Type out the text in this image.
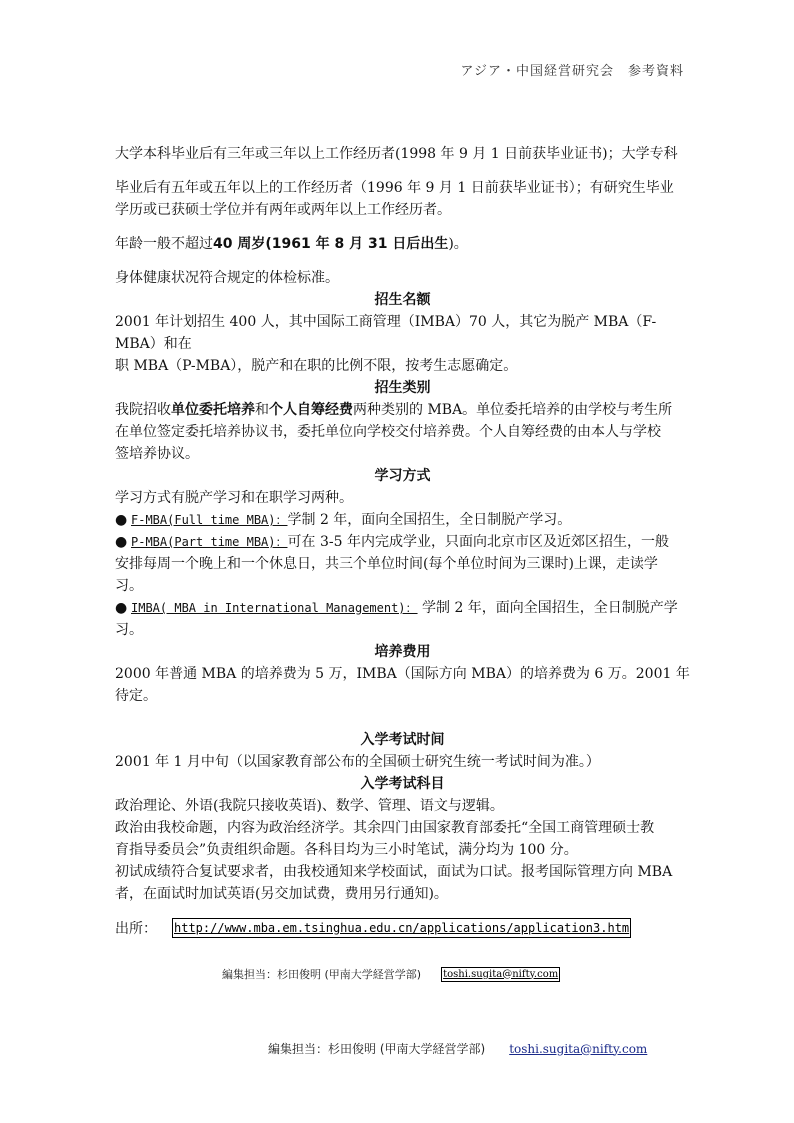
アジア・中国経営研究会　参考資料

大学本科毕业后有三年或三年以上工作经历者(1998 年 9 月 1 日前获毕业证书)；大学专科

毕业后有五年或五年以上的工作经历者（1996 年 9 月 1 日前获毕业证书）；有研究生毕业

学历或已获硕士学位并有两年或两年以上工作经历者。

年龄一般不超过40 周岁(1961 年 8 月 31 日后出生)。

身体健康状况符合规定的体检标准。

招生名额

2001 年计划招生 400 人，其中国际工商管理（IMBA）70 人，其它为脱产 MBA（F-MBA）和在

职 MBA（P-MBA），脱产和在职的比例不限，按考生志愿确定。

招生类别

我院招收单位委托培养和个人自筹经费两种类别的 MBA。单位委托培养的由学校与考生所

在单位签定委托培养协议书，委托单位向学校交付培养费。个人自筹经费的由本人与学校

签培养协议。

学习方式

学习方式有脱产学习和在职学习两种。

● F-MBA(Full time MBA)：学制 2 年，面向全国招生，全日制脱产学习。

● P-MBA(Part time MBA)：可在 3-5 年内完成学业，只面向北京市区及近郊区招生，一般

安排每周一个晚上和一个休息日，共三个单位时间(每个单位时间为三课时)上课，走读学

习。

● IMBA( MBA in International Management)： 学制 2 年，面向全国招生，全日制脱产学

习。

培养费用

2000 年普通 MBA 的培养费为 5 万，IMBA（国际方向 MBA）的培养费为 6 万。2001 年待定。

入学考试时间

2001 年 1 月中旬（以国家教育部公布的全国硕士研究生统一考试时间为准。）

入学考试科目

政治理论、外语(我院只接收英语)、数学、管理、语文与逻辑。

政治由我校命题，内容为政治经济学。其余四门由国家教育部委托“全国工商管理硕士教

育指导委员会”负责组织命题。各科目均为三小时笔试，满分均为 100 分。

初试成绩符合复试要求者，由我校通知来学校面试，面试为口试。报考国际管理方向 MBA

者，在面试时加试英语(另交加试费，费用另行通知)。

出所：	http://www.mba.em.tsinghua.edu.cn/applications/application3.htm
編集担当：杉田俊明 (甲南大学経営学部) toshi.sugita@nifty.com
編集担当：杉田俊明 (甲南大学経営学部) toshi.sugita@nifty.com
